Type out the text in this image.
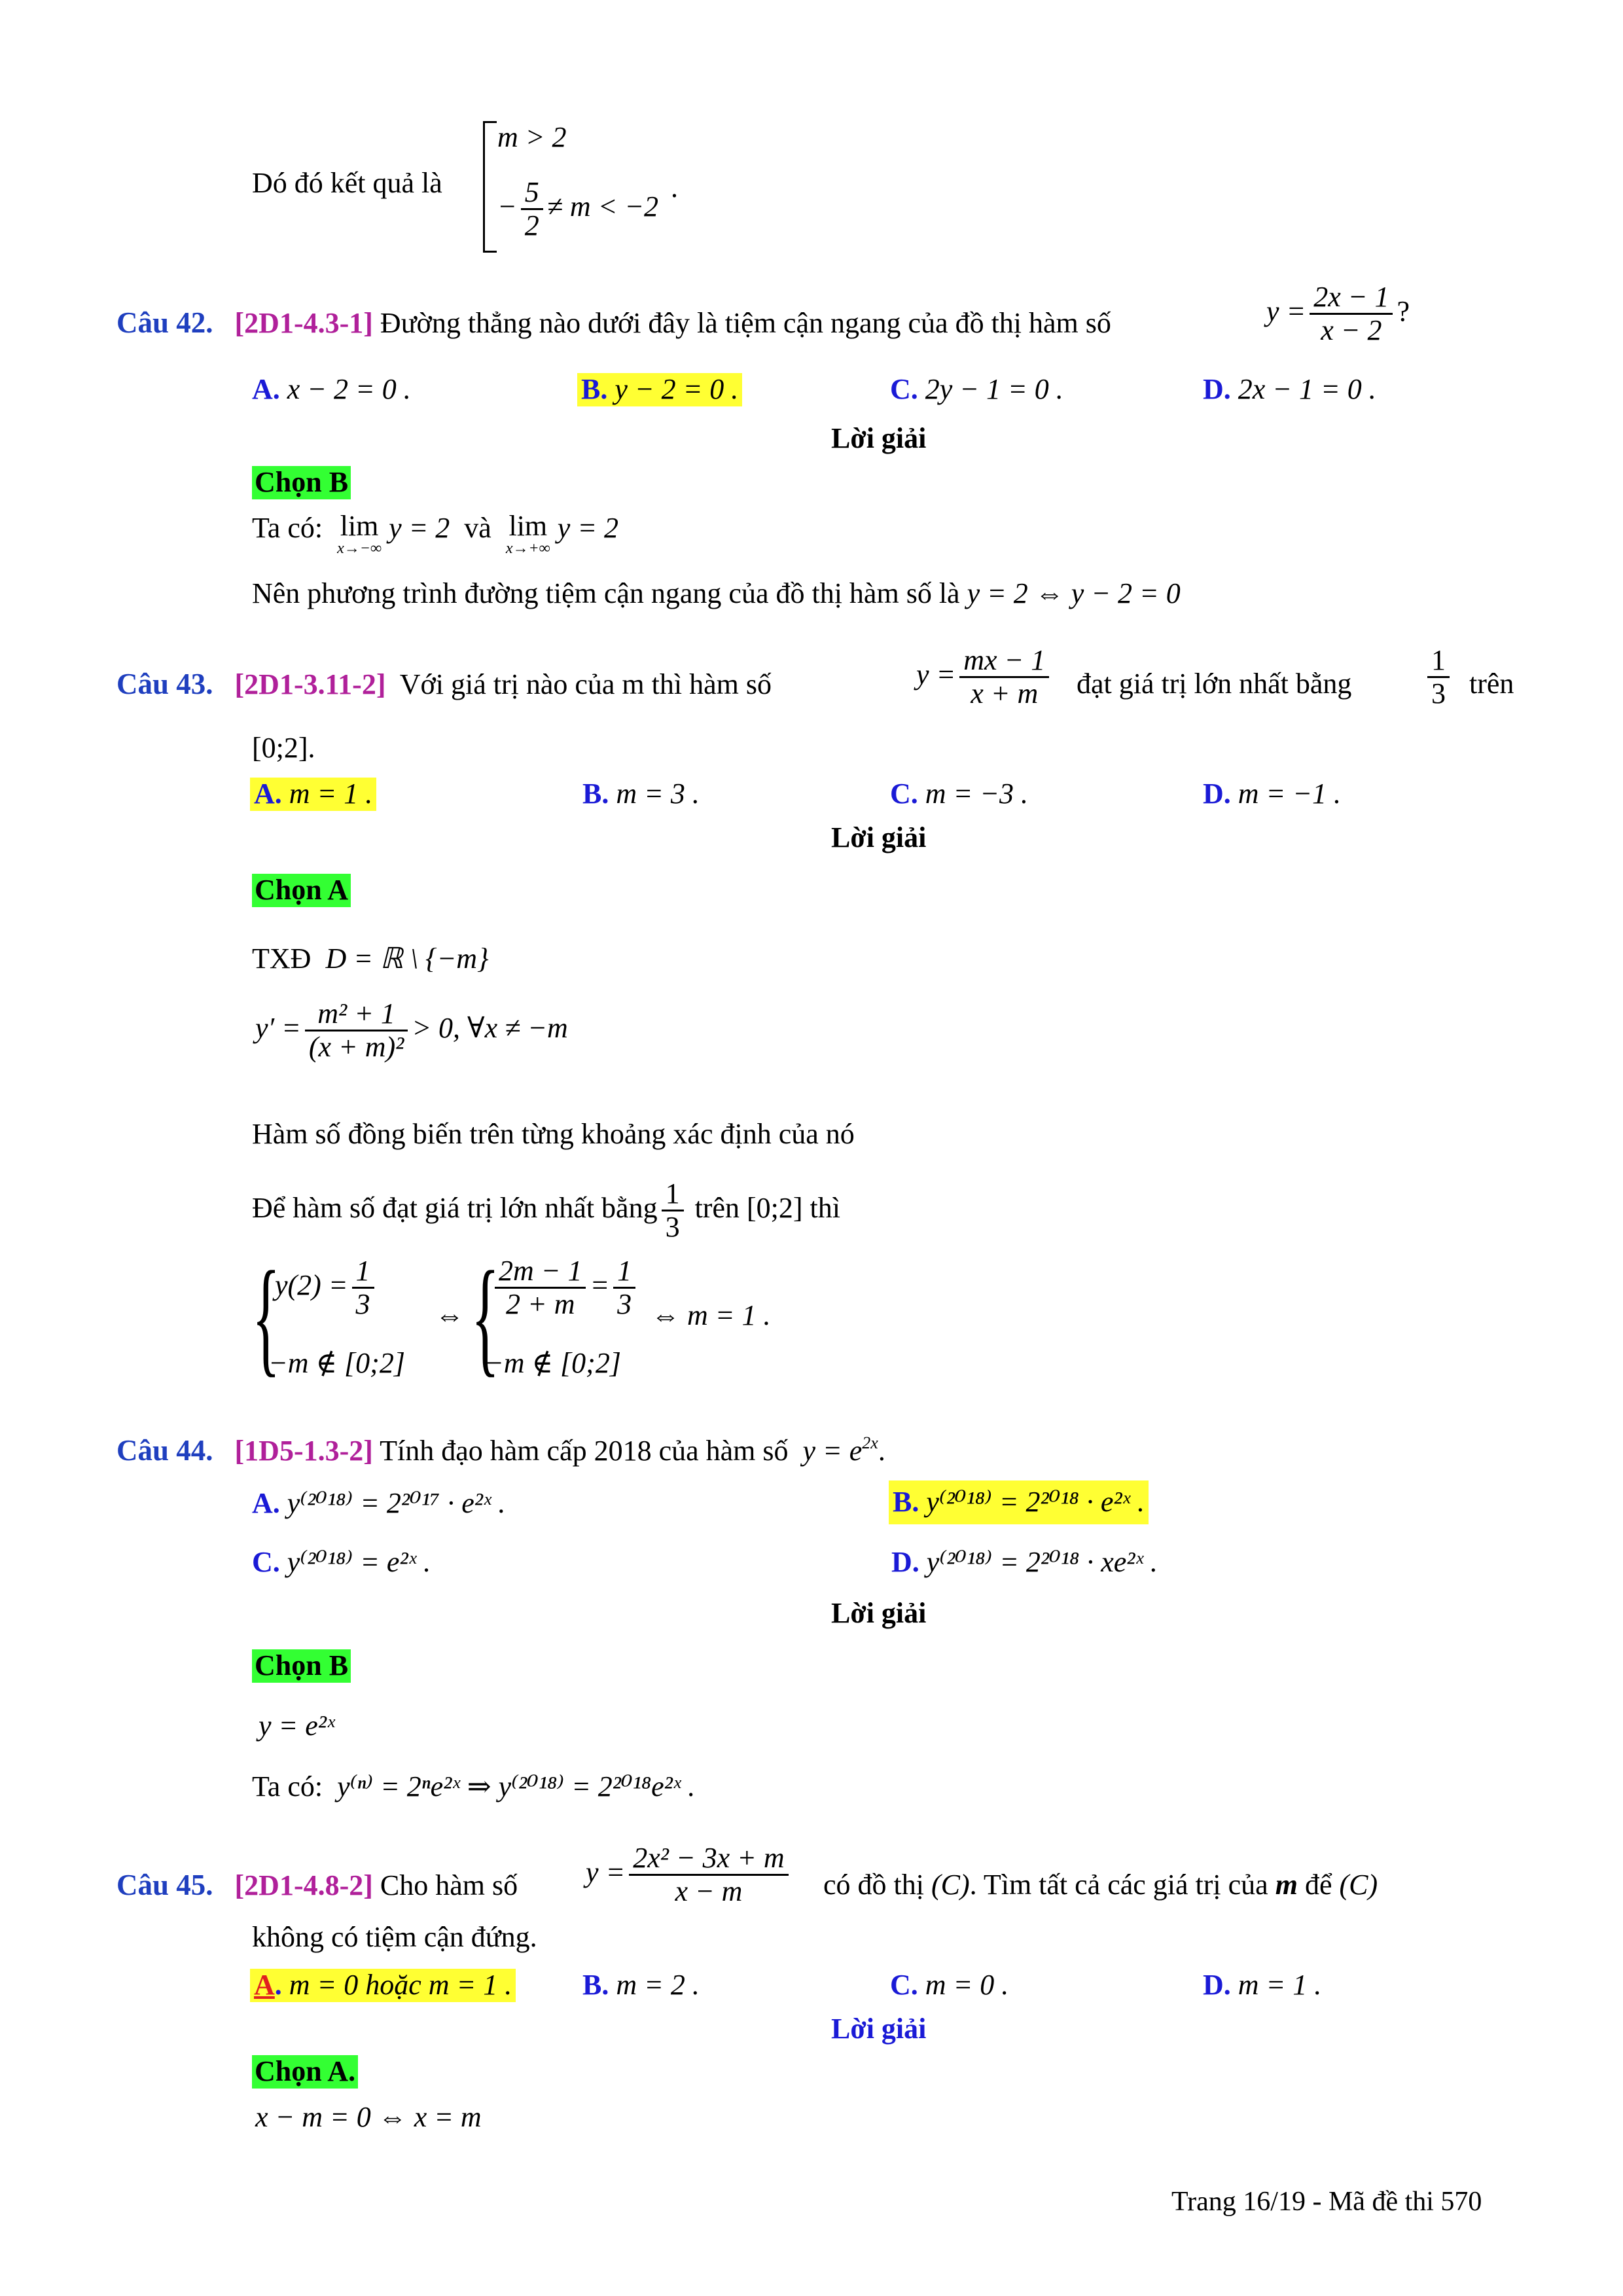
Dó đó kết quả là
m > 2
− $\frac{5}{2} \ne m < -2$
.
Câu 42. [2D1-4.3-1] Đường thẳng nào dưới đây là tiệm cận ngang của đồ thị hàm số	$y = \frac{2x - 1}{x - 2}$ ?
A. x − 2 = 0 .	B. y − 2 = 0 .	C. 2y − 1 = 0 .	D. 2x − 1 = 0 .
Lời giải
Chọn B
Ta có: lim
x→−∞
y = 2 và lim
x→+∞
y = 2
Nên phương trình đường tiệm cận ngang của đồ thị hàm số là y = 2 ⇔ y − 2 = 0
Câu 43. [2D1-3.11-2] Với giá trị nào của m thì hàm số	$y = \frac{mx - 1}{x + m}$ đạt giá trị lớn nhất bằng	$\frac{1}{3}$ trên
[0;2].
A. m = 1 .	B. m = 3 .	C. m = −3 .	D. m = −1 .
Lời giải
Chọn A
TXĐ D = ℝ \ {−m}
$y' = \frac{\text{m² + 1}}{\text{(x + m)²}} > 0$, ∀x ≠ −m
Hàm số đồng biến trên từng khoảng xác định của nó
Để hàm số đạt giá trị lớn nhất bằng $\frac{1}{3}$ trên [0;2] thì
{
$y(2) = \frac{1}{3}$
−m ∉ [0;2]
⇔ {
$\frac{2m - 1}{2 + m} = \frac{1}{3}$
−m ∉ [0;2]
⇔ m = 1 .
Câu 44. [1D5-1.3-2] Tính đạo hàm cấp 2018 của hàm số $y = e^{2x}$.
A. y⁽²⁰¹⁸⁾ = 2²⁰¹⁷ · e²ˣ .	B. y⁽²⁰¹⁸⁾ = 2²⁰¹⁸ · e²ˣ .
C. y⁽²⁰¹⁸⁾ = e²ˣ .	D. y⁽²⁰¹⁸⁾ = 2²⁰¹⁸ · xe²ˣ .
Lời giải
Chọn B
y = e²ˣ
Ta có: y⁽ⁿ⁾ = 2ⁿe²ˣ ⇒ y⁽²⁰¹⁸⁾ = 2²⁰¹⁸e²ˣ .
Câu 45. [2D1-4.8-2] Cho hàm số $y = \frac{\text{2x² − 3x + m}}{x - m}$ có đồ thị (C). Tìm tất cả các giá trị của m để (C)
không có tiệm cận đứng.
A. m = 0 hoặc m = 1 . B. m = 2 .	C. m = 0 .	D. m = 1 .
Lời giải
Chọn A.
x − m = 0 ⇔ x = m
Trang 16/19 - Mã đề thi 570
